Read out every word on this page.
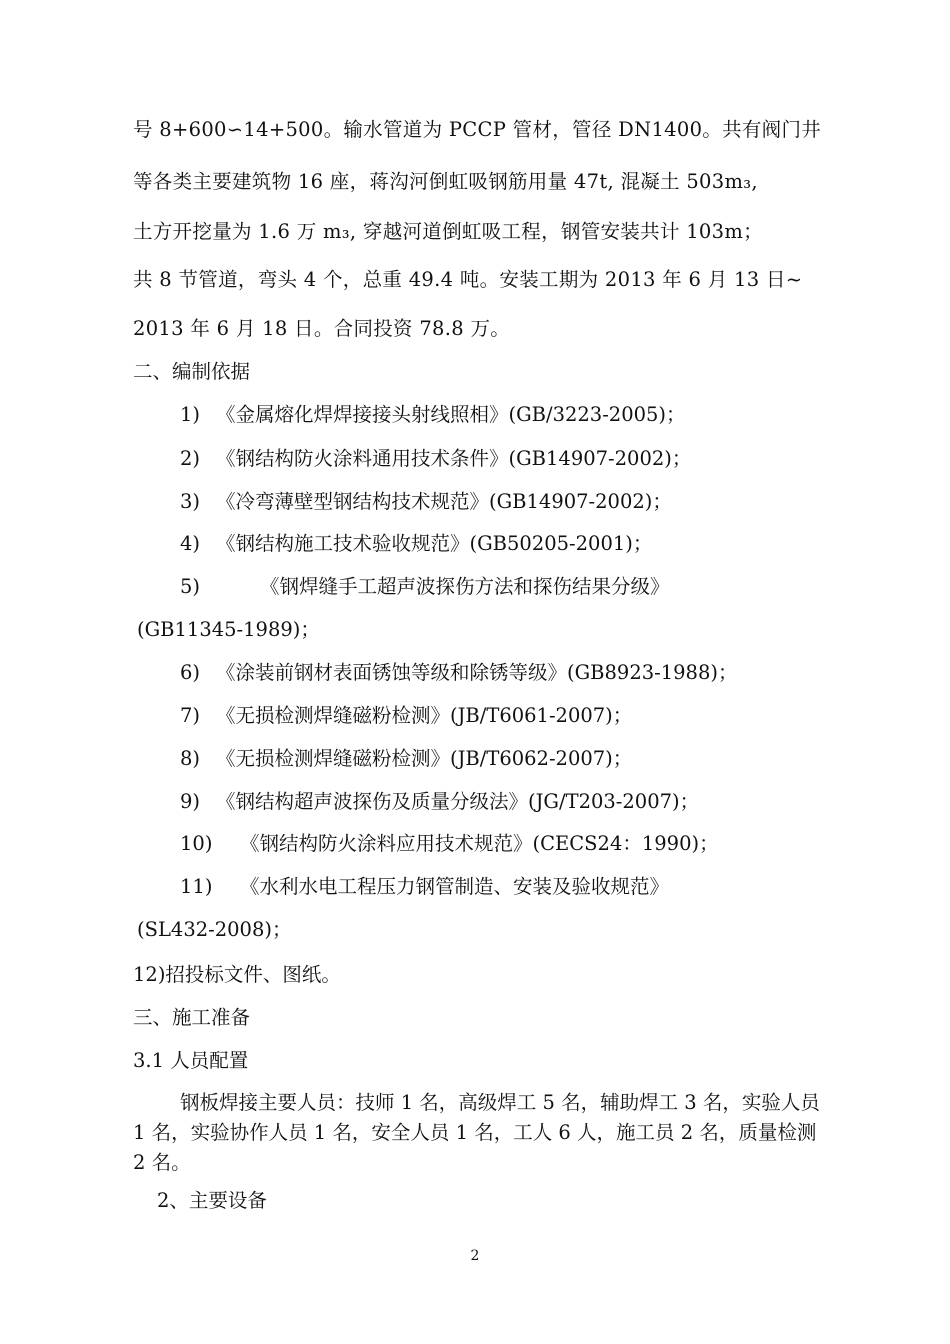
号 8+600∽14+500。输水管道为 PCCP 管材，管径 DN1400。共有阀门井
等各类主要建筑物 16 座，蒋沟河倒虹吸钢筋用量 47t, 混凝土 503m₃,
土方开挖量为 1.6 万 m₃, 穿越河道倒虹吸工程，钢管安装共计 103m；
共 8 节管道，弯头 4 个，总重 49.4 吨。安装工期为 2013 年 6 月 13 日~
2013 年 6 月 18 日。合同投资 78.8 万。
二、编制依据
1) 《金属熔化焊焊接接头射线照相》(GB/3223-2005)；
2) 《钢结构防火涂料通用技术条件》(GB14907-2002)；
3) 《冷弯薄壁型钢结构技术规范》(GB14907-2002)；
4) 《钢结构施工技术验收规范》(GB50205-2001)；
5)	《钢焊缝手工超声波探伤方法和探伤结果分级》
(GB11345-1989)；
6) 《涂装前钢材表面锈蚀等级和除锈等级》(GB8923-1988)；
7) 《无损检测焊缝磁粉检测》(JB/T6061-2007)；
8) 《无损检测焊缝磁粉检测》(JB/T6062-2007)；
9) 《钢结构超声波探伤及质量分级法》(JG/T203-2007)；
10) 《钢结构防火涂料应用技术规范》(CECS24：1990)；
11) 《水利水电工程压力钢管制造、安装及验收规范》
(SL432-2008)；
12)招投标文件、图纸。
三、施工准备
3.1 人员配置
钢板焊接主要人员：技师 1 名，高级焊工 5 名，辅助焊工 3 名，实验人员 1 名，实验协作人员 1 名，安全人员 1 名，工人 6 人，施工员 2 名，质量检测 2 名。
2、主要设备
2
